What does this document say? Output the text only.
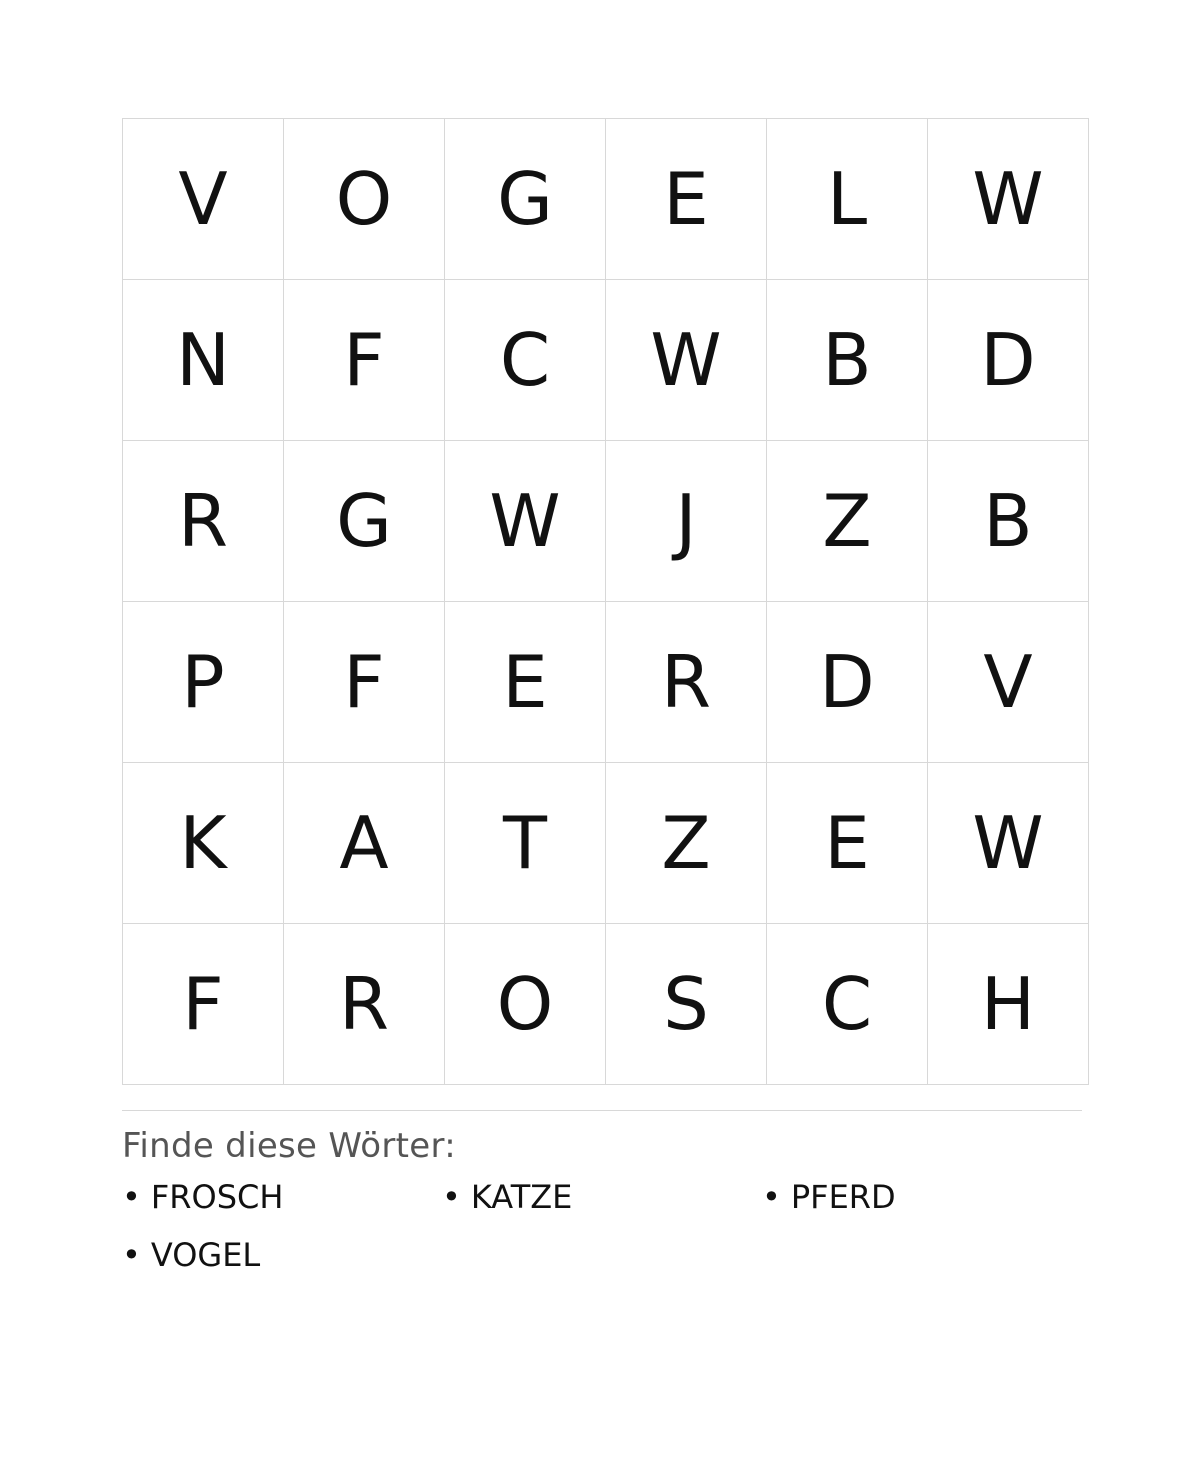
V	O	G	E	L	W
N	F	C	W	B	D
R	G	W	J	Z	B
P	F	E	R	D	V
K	A	T	Z	E	W
F	R	O	S	C	H
Finde diese Wörter:
• FROSCH	• KATZE	• PFERD
• VOGEL
